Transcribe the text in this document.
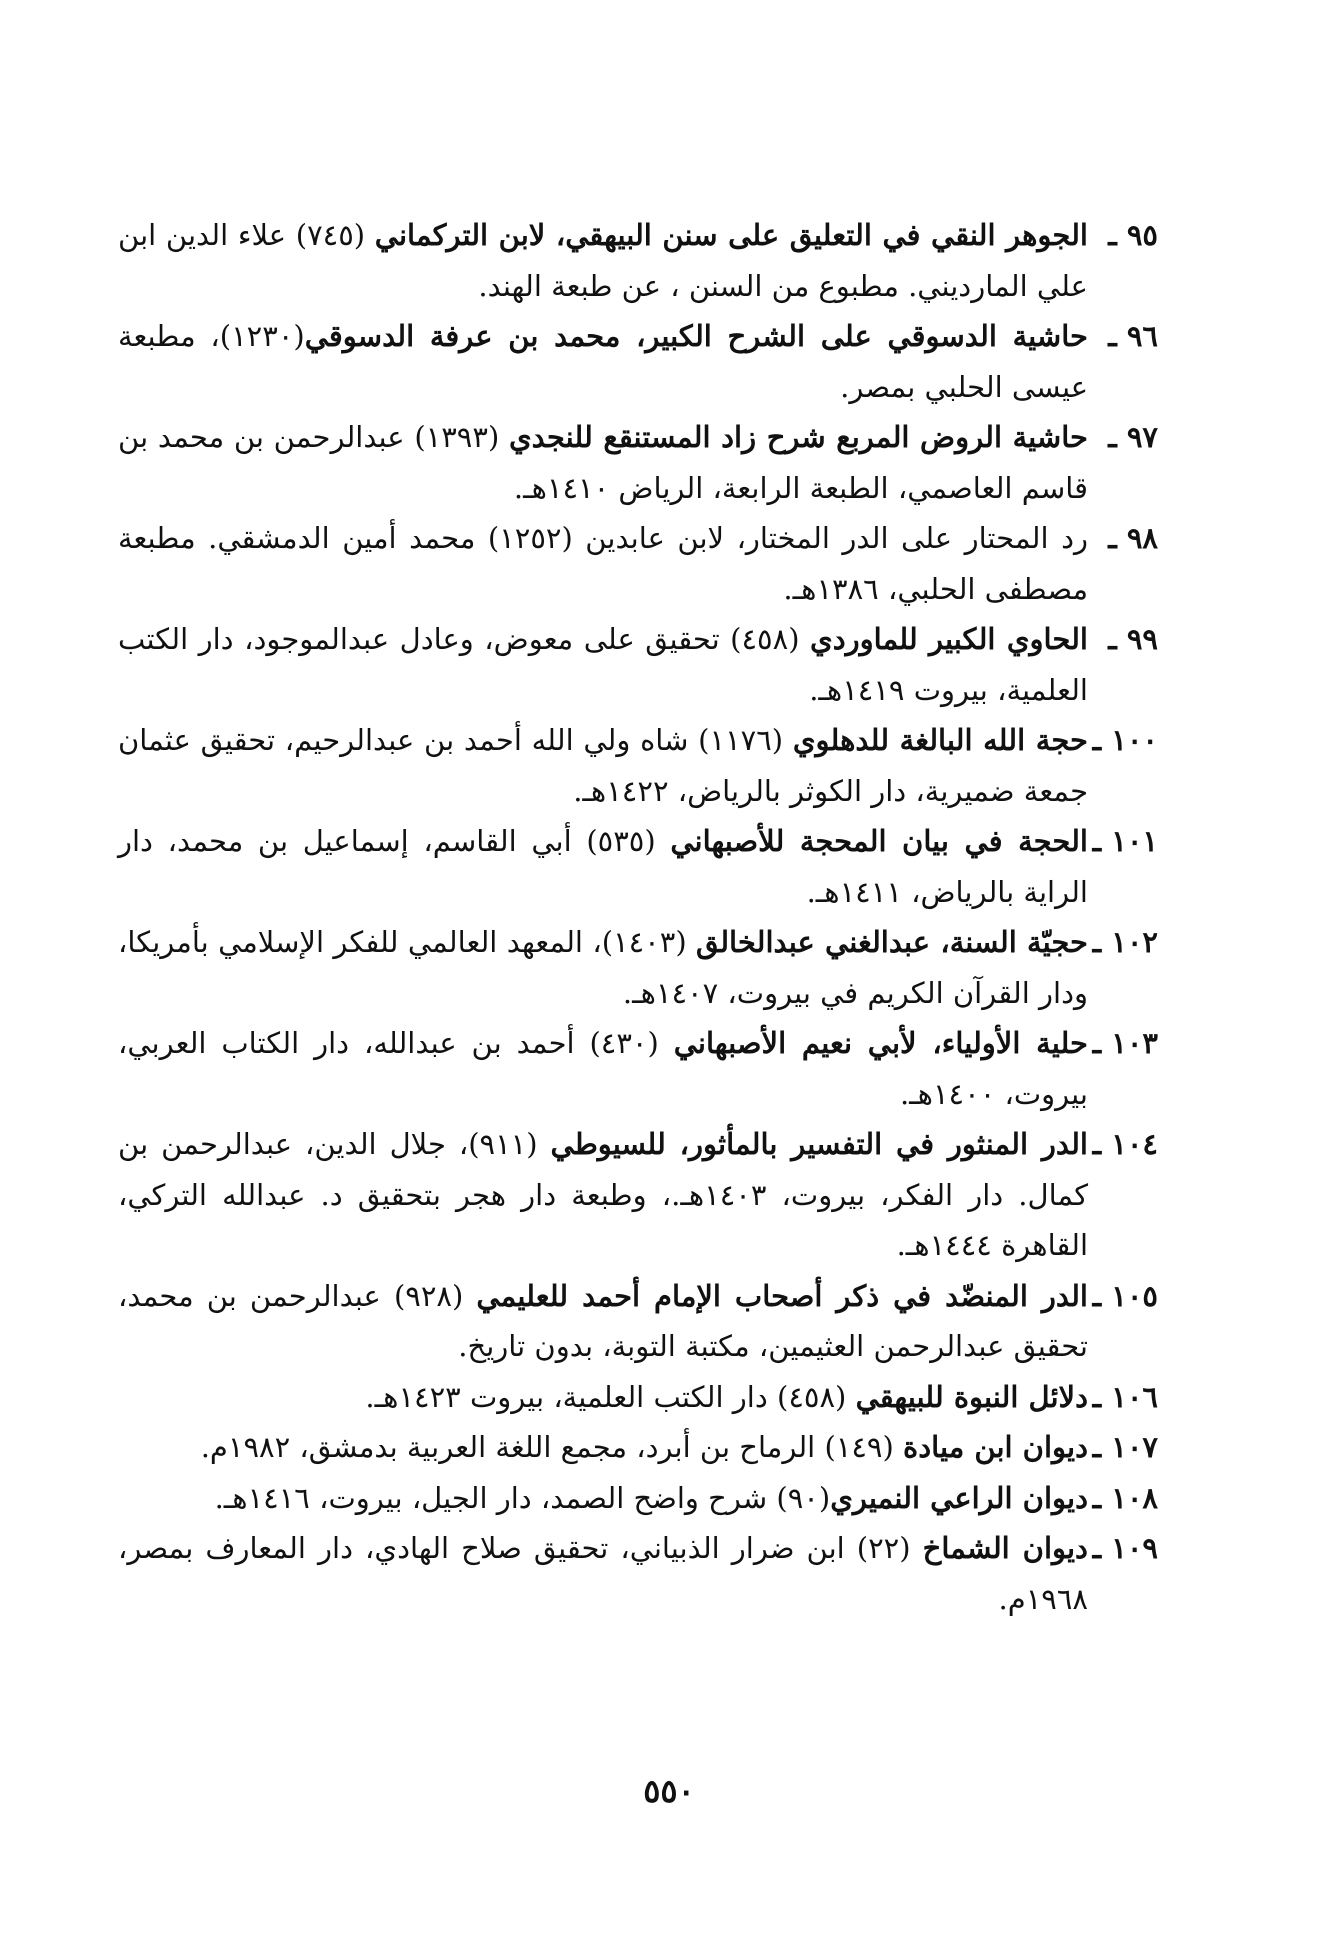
٩٥ ـ
الجوهر النقي في التعليق على سنن البيهقي، لابن التركماني (٧٤٥) علاء الدين ابن علي المارديني. مطبوع من السنن ، عن طبعة الهند.
٩٦ ـ
حاشية الدسوقي على الشرح الكبير، محمد بن عرفة الدسوقي(١٢٣٠)، مطبعة عيسى الحلبي بمصر.
٩٧ ـ
حاشية الروض المربع شرح زاد المستنقع للنجدي (١٣٩٣) عبدالرحمن بن محمد بن قاسم العاصمي، الطبعة الرابعة، الرياض ١٤١٠هـ.
٩٨ ـ
رد المحتار على الدر المختار، لابن عابدين (١٢٥٢) محمد أمين الدمشقي. مطبعة مصطفى الحلبي، ١٣٨٦هـ.
٩٩ ـ
الحاوي الكبير للماوردي (٤٥٨) تحقيق على معوض، وعادل عبدالموجود، دار الكتب العلمية، بيروت ١٤١٩هـ.
١٠٠ ـ
حجة الله البالغة للدهلوي (١١٧٦) شاه ولي الله أحمد بن عبدالرحيم، تحقيق عثمان جمعة ضميرية، دار الكوثر بالرياض، ١٤٢٢هـ.
١٠١ ـ
الحجة في بيان المحجة للأصبهاني (٥٣٥) أبي القاسم، إسماعيل بن محمد، دار الراية بالرياض، ١٤١١هـ.
١٠٢ ـ
حجيّة السنة، عبدالغني عبدالخالق (١٤٠٣)، المعهد العالمي للفكر الإسلامي بأمريكا، ودار القرآن الكريم في بيروت، ١٤٠٧هـ.
١٠٣ ـ
حلية الأولياء، لأبي نعيم الأصبهاني (٤٣٠) أحمد بن عبدالله، دار الكتاب العربي، بيروت، ١٤٠٠هـ.
١٠٤ ـ
الدر المنثور في التفسير بالمأثور، للسيوطي (٩١١)، جلال الدين، عبدالرحمن بن كمال. دار الفكر، بيروت، ١٤٠٣هـ.، وطبعة دار هجر بتحقيق د. عبدالله التركي، القاهرة ١٤٤٤هـ.
١٠٥ ـ
الدر المنضّد في ذكر أصحاب الإمام أحمد للعليمي (٩٢٨) عبدالرحمن بن محمد، تحقيق عبدالرحمن العثيمين، مكتبة التوبة، بدون تاريخ.
١٠٦ ـ
دلائل النبوة للبيهقي (٤٥٨) دار الكتب العلمية، بيروت ١٤٢٣هـ.
١٠٧ ـ
ديوان ابن ميادة (١٤٩) الرماح بن أبرد، مجمع اللغة العربية بدمشق، ١٩٨٢م.
١٠٨ ـ
ديوان الراعي النميري(٩٠) شرح واضح الصمد، دار الجيل، بيروت، ١٤١٦هـ.
١٠٩ ـ
ديوان الشماخ (٢٢) ابن ضرار الذبياني، تحقيق صلاح الهادي، دار المعارف بمصر، ١٩٦٨م.
٥٥٠
